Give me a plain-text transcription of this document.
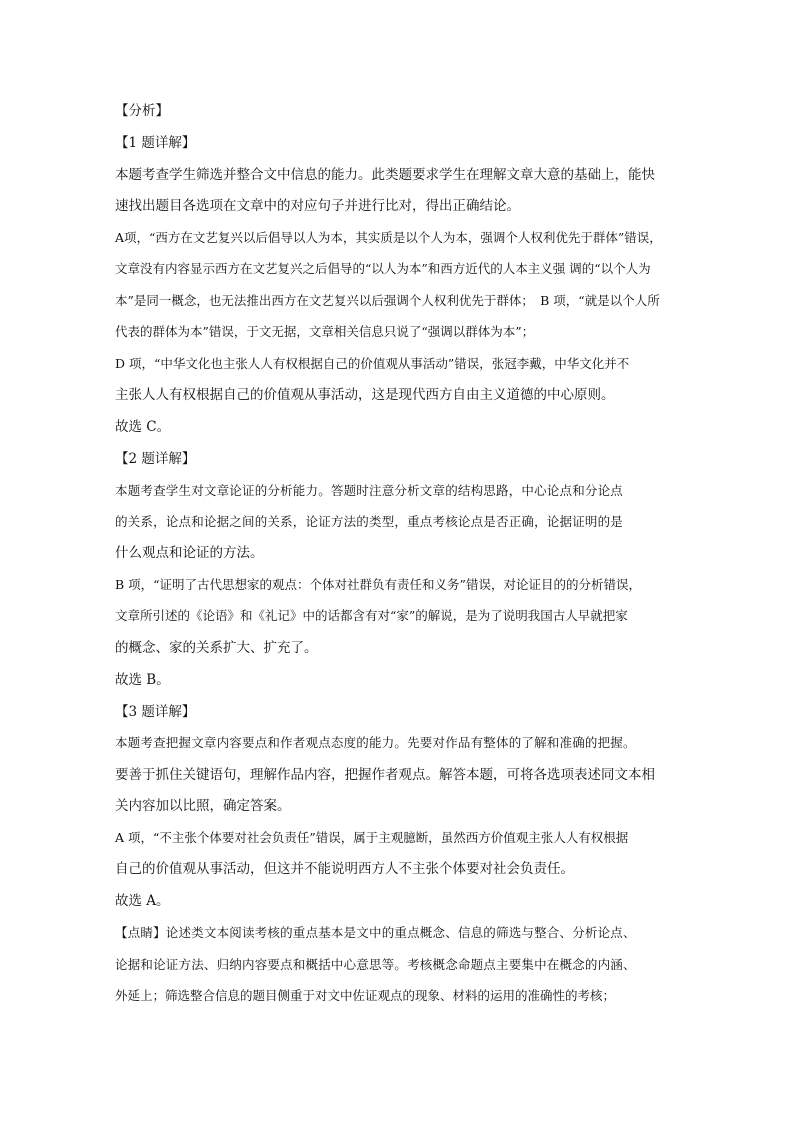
【分析】
【1 题详解】
本题考查学生筛选并整合文中信息的能力。此类题要求学生在理解文章大意的基础上，能快
速找出题目各选项在文章中的对应句子并进行比对，得出正确结论。
A项，“西方在文艺复兴以后倡导以人为本，其实质是以个人为本，强调个人权利优先于群体”错误，
文章没有内容显示西方在文艺复兴之后倡导的“以人为本”和西方近代的人本主义强 调的“以个人为
本”是同一概念，也无法推出西方在文艺复兴以后强调个人权利优先于群体；　B 项，“就是以个人所
代表的群体为本”错误，于文无据，文章相关信息只说了“强调以群体为本”；
D 项，“中华文化也主张人人有权根据自己的价值观从事活动”错误，张冠李戴，中华文化并不
主张人人有权根据自己的价值观从事活动，这是现代西方自由主义道德的中心原则。
故选 C。
【2 题详解】
本题考查学生对文章论证的分析能力。答题时注意分析文章的结构思路，中心论点和分论点
的关系，论点和论据之间的关系，论证方法的类型，重点考核论点是否正确，论据证明的是
什么观点和论证的方法。
B 项，“证明了古代思想家的观点：个体对社群负有责任和义务”错误，对论证目的的分析错误，
文章所引述的《论语》和《礼记》中的话都含有对“家”的解说，是为了说明我国古人早就把家
的概念、家的关系扩大、扩充了。
故选 B。
【3 题详解】
本题考查把握文章内容要点和作者观点态度的能力。先要对作品有整体的了解和准确的把握。
要善于抓住关键语句，理解作品内容，把握作者观点。解答本题，可将各选项表述同文本相
关内容加以比照，确定答案。
A 项，“不主张个体要对社会负责任”错误，属于主观臆断，虽然西方价值观主张人人有权根据
自己的价值观从事活动，但这并不能说明西方人不主张个体要对社会负责任。
故选 A。
【点睛】论述类文本阅读考核的重点基本是文中的重点概念、信息的筛选与整合、分析论点、
论据和论证方法、归纳内容要点和概括中心意思等。考核概念命题点主要集中在概念的内涵、
外延上；筛选整合信息的题目侧重于对文中佐证观点的现象、材料的运用的准确性的考核；
